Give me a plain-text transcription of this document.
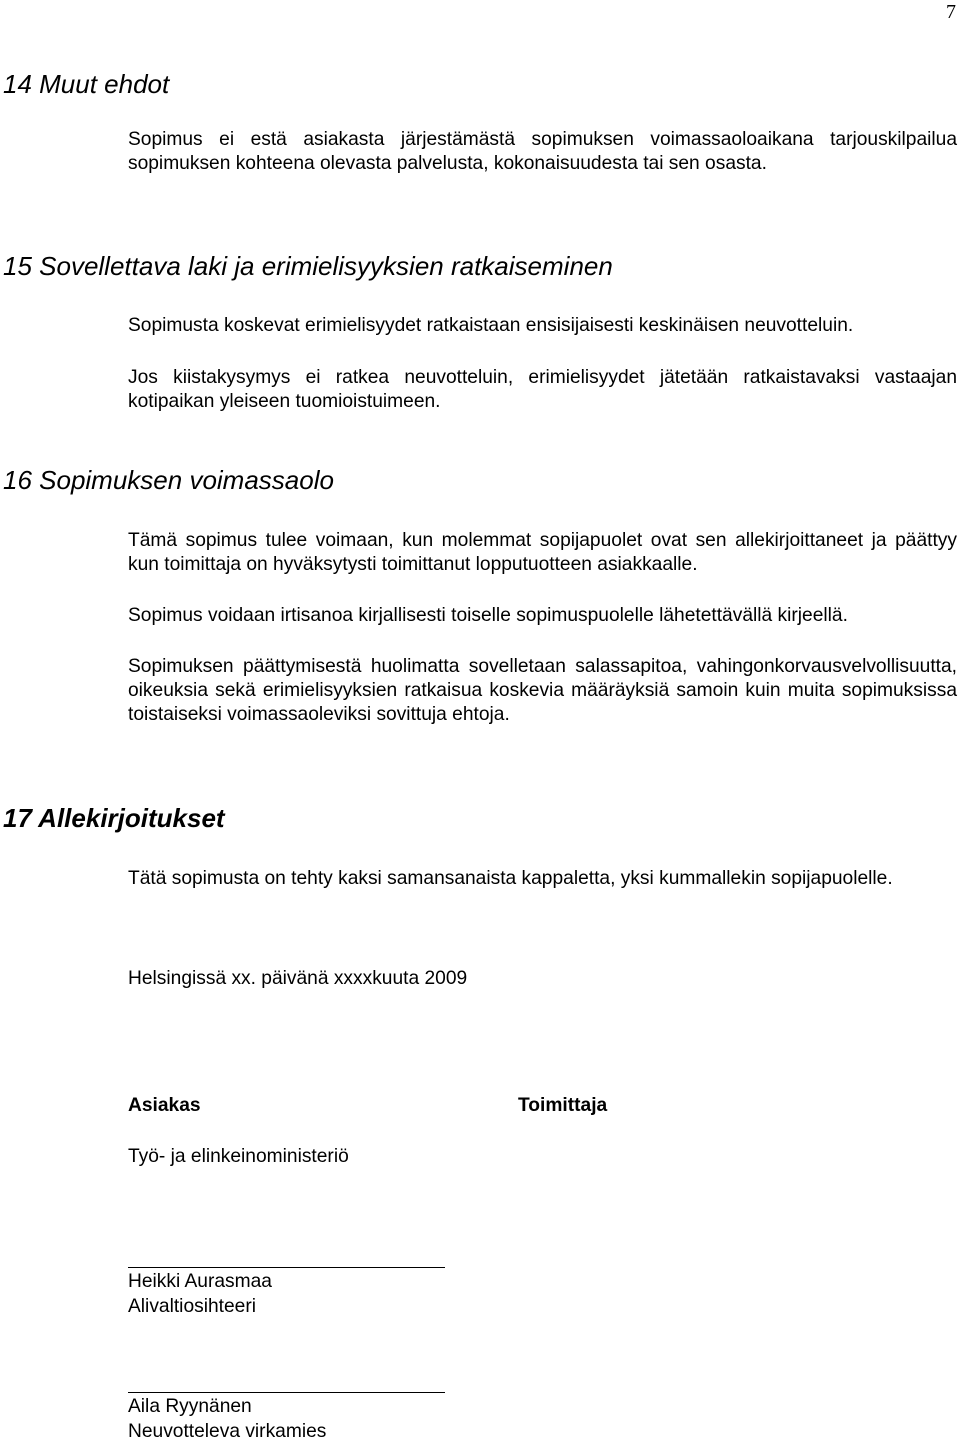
7
14 Muut ehdot

Sopimus ei estä asiakasta järjestämästä sopimuksen voimassaoloaikana tarjouskilpailua sopimuksen kohteena olevasta palvelusta, kokonaisuudesta tai sen osasta.

15 Sovellettava laki ja erimielisyyksien ratkaiseminen

Sopimusta koskevat erimielisyydet ratkaistaan ensisijaisesti keskinäisen neuvotteluin.

Jos kiistakysymys ei ratkea neuvotteluin, erimielisyydet jätetään ratkaistavaksi vastaajan kotipaikan yleiseen tuomioistuimeen.

16 Sopimuksen voimassaolo

Tämä sopimus tulee voimaan, kun molemmat sopijapuolet ovat sen allekirjoittaneet ja päättyy kun toimittaja on hyväksytysti toimittanut lopputuotteen asiakkaalle.

Sopimus voidaan irtisanoa kirjallisesti toiselle sopimuspuolelle lähetettävällä kirjeellä.

Sopimuksen päättymisestä huolimatta sovelletaan salassapitoa, vahingonkorvausvelvollisuutta, oikeuksia sekä erimielisyyksien ratkaisua koskevia määräyksiä samoin kuin muita sopimuksissa toistaiseksi voimassaoleviksi sovittuja ehtoja.

17 Allekirjoitukset

Tätä sopimusta on tehty kaksi samansanaista kappaletta, yksi kummallekin sopijapuolelle.

Helsingissä xx. päivänä xxxxkuuta 2009

Asiakas	Toimittaja
Työ- ja elinkeinoministeriö
Heikki Aurasmaa
Alivaltiosihteeri
Aila Ryynänen
Neuvotteleva virkamies
